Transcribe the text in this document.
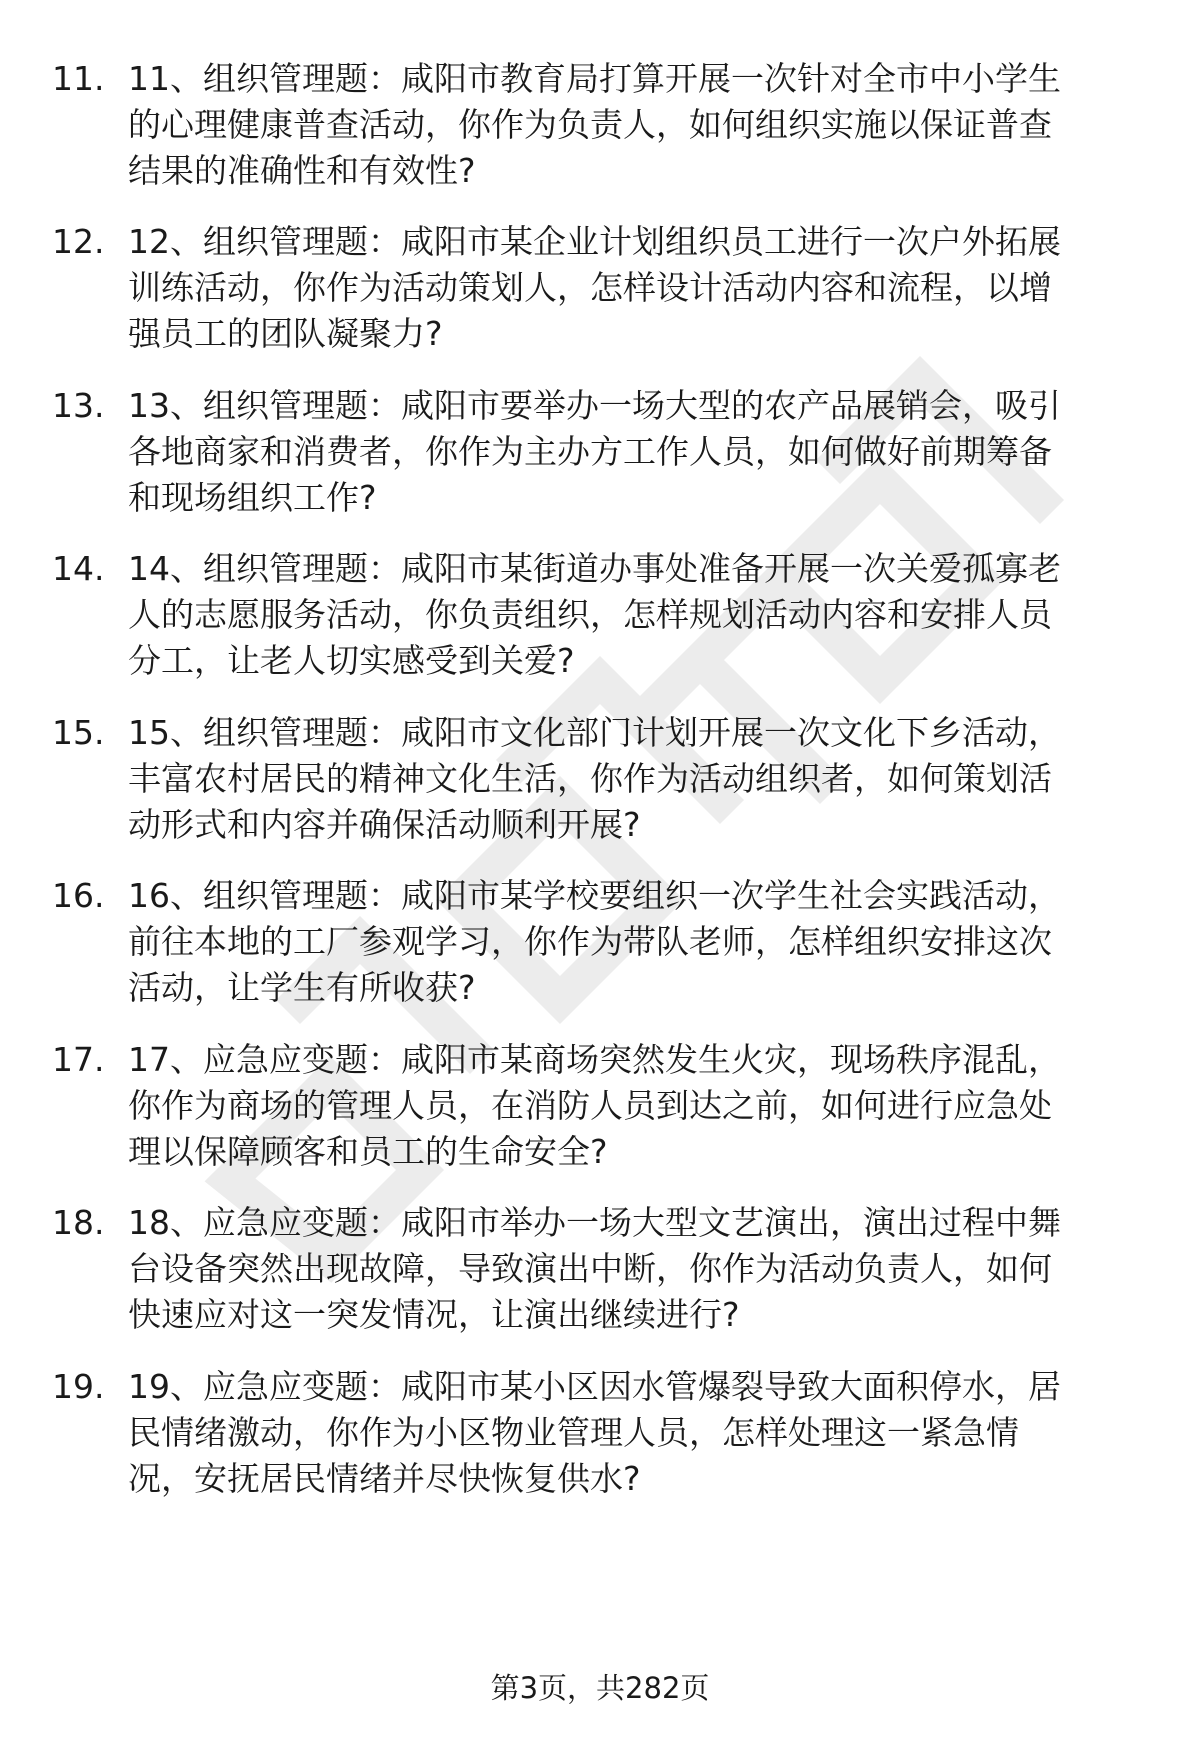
11. 11、组织管理题：咸阳市教育局打算开展一次针对全市中小学生
的心理健康普查活动，你作为负责人，如何组织实施以保证普查
结果的准确性和有效性?
12. 12、组织管理题：咸阳市某企业计划组织员工进行一次户外拓展
训练活动，你作为活动策划人，怎样设计活动内容和流程，以增
强员工的团队凝聚力?
13. 13、组织管理题：咸阳市要举办一场大型的农产品展销会，吸引
各地商家和消费者，你作为主办方工作人员，如何做好前期筹备
和现场组织工作?
14. 14、组织管理题：咸阳市某街道办事处准备开展一次关爱孤寡老
人的志愿服务活动，你负责组织，怎样规划活动内容和安排人员
分工，让老人切实感受到关爱?
15. 15、组织管理题：咸阳市文化部门计划开展一次文化下乡活动，
丰富农村居民的精神文化生活，你作为活动组织者，如何策划活
动形式和内容并确保活动顺利开展?
16. 16、组织管理题：咸阳市某学校要组织一次学生社会实践活动，
前往本地的工厂参观学习，你作为带队老师，怎样组织安排这次
活动，让学生有所收获?
17. 17、应急应变题：咸阳市某商场突然发生火灾，现场秩序混乱，
你作为商场的管理人员，在消防人员到达之前，如何进行应急处
理以保障顾客和员工的生命安全?
18. 18、应急应变题：咸阳市举办一场大型文艺演出，演出过程中舞
台设备突然出现故障，导致演出中断，你作为活动负责人，如何
快速应对这一突发情况，让演出继续进行?
19. 19、应急应变题：咸阳市某小区因水管爆裂导致大面积停水，居
民情绪激动，你作为小区物业管理人员，怎样处理这一紧急情
况，安抚居民情绪并尽快恢复供水?
第3页，共282页
